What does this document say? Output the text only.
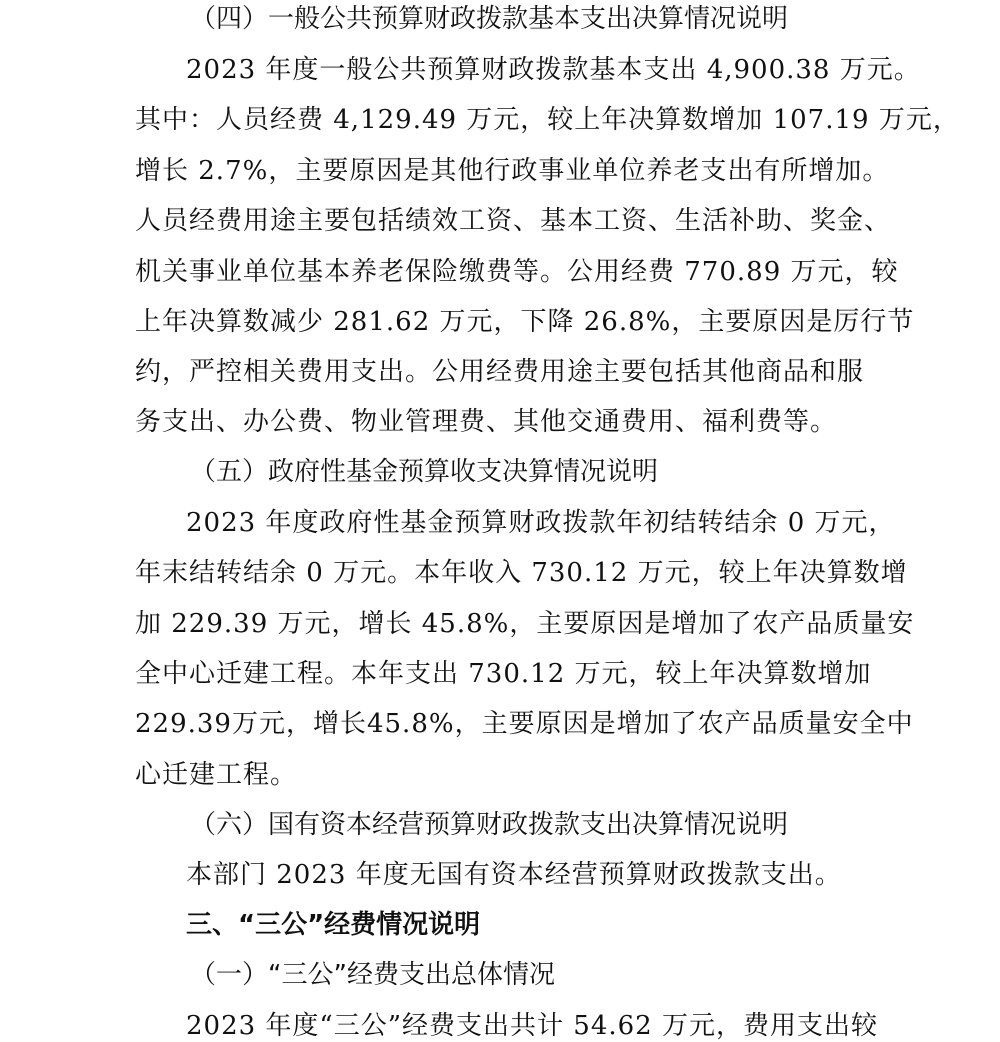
（四）一般公共预算财政拨款基本支出决算情况说明
2023 年度一般公共预算财政拨款基本支出 4,900.38 万元。
其中：人员经费 4,129.49 万元，较上年决算数增加 107.19 万元，
增长 2.7%，主要原因是其他行政事业单位养老支出有所增加。
人员经费用途主要包括绩效工资、基本工资、生活补助、奖金、
机关事业单位基本养老保险缴费等。公用经费 770.89 万元，较
上年决算数减少 281.62 万元，下降 26.8%，主要原因是厉行节
约，严控相关费用支出。公用经费用途主要包括其他商品和服
务支出、办公费、物业管理费、其他交通费用、福利费等。
（五）政府性基金预算收支决算情况说明
2023 年度政府性基金预算财政拨款年初结转结余 0 万元，
年末结转结余 0 万元。本年收入 730.12 万元，较上年决算数增
加 229.39 万元，增长 45.8%，主要原因是增加了农产品质量安
全中心迁建工程。本年支出 730.12 万元，较上年决算数增加
229.39万元，增长45.8%，主要原因是增加了农产品质量安全中
心迁建工程。
（六）国有资本经营预算财政拨款支出决算情况说明
本部门 2023 年度无国有资本经营预算财政拨款支出。
三、“三公”经费情况说明
（一）“三公”经费支出总体情况
2023 年度“三公”经费支出共计 54.62 万元，费用支出较
